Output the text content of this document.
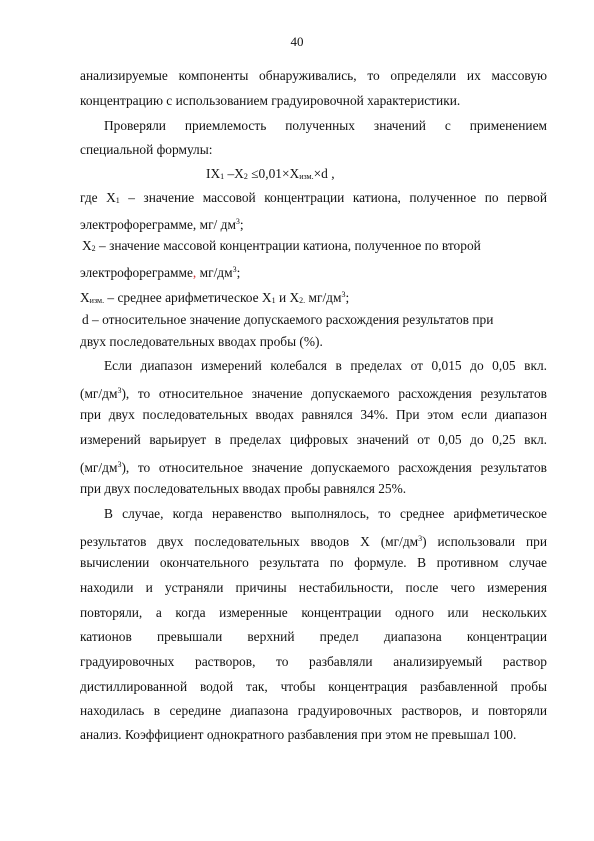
40
анализируемые компоненты обнаруживались, то определяли их массовую
концентрацию с использованием градуировочной характеристики.
Проверяли приемлемость полученных значений с применением
специальной формулы:
$IX_1$ $-X_2 \le 0,01\times X_{изм.}\times d$ ,
где $X_1$ – значение массовой концентрации катиона, полученное по первой
электрофореграмме, мг/ $дм^3$;
$X_2$ – значение массовой концентрации катиона, полученное по второй
электрофореграмме, $мг/дм^3$;
$X_{изм.}$ – среднее арифметическое $X_1$ и $X_{2.}$ $мг/дм^3$;
d – относительное значение допускаемого расхождения результатов при
двух последовательных вводах пробы (%).
Если диапазон измерений колебался в пределах от 0,015 до 0,05 вкл.
$(мг/дм^3)$, то относительное значение допускаемого расхождения результатов
при двух последовательных вводах равнялся 34%. При этом если диапазон
измерений варьирует в пределах цифровых значений от 0,05 до 0,25 вкл.
$(мг/дм^3)$, то относительное значение допускаемого расхождения результатов
при двух последовательных вводах пробы равнялся 25%.
В случае, когда неравенство выполнялось, то среднее арифметическое
результатов двух последовательных вводов X $(мг/дм^3)$ использовали при
вычислении окончательного результата по формуле. В противном случае
находили и устраняли причины нестабильности, после чего измерения
повторяли, а когда измеренные концентрации одного или нескольких
катионов превышали верхний предел диапазона концентрации
градуировочных растворов, то разбавляли анализируемый раствор
дистиллированной водой так, чтобы концентрация разбавленной пробы
находилась в середине диапазона градуировочных растворов, и повторяли
анализ. Коэффициент однократного разбавления при этом не превышал 100.
